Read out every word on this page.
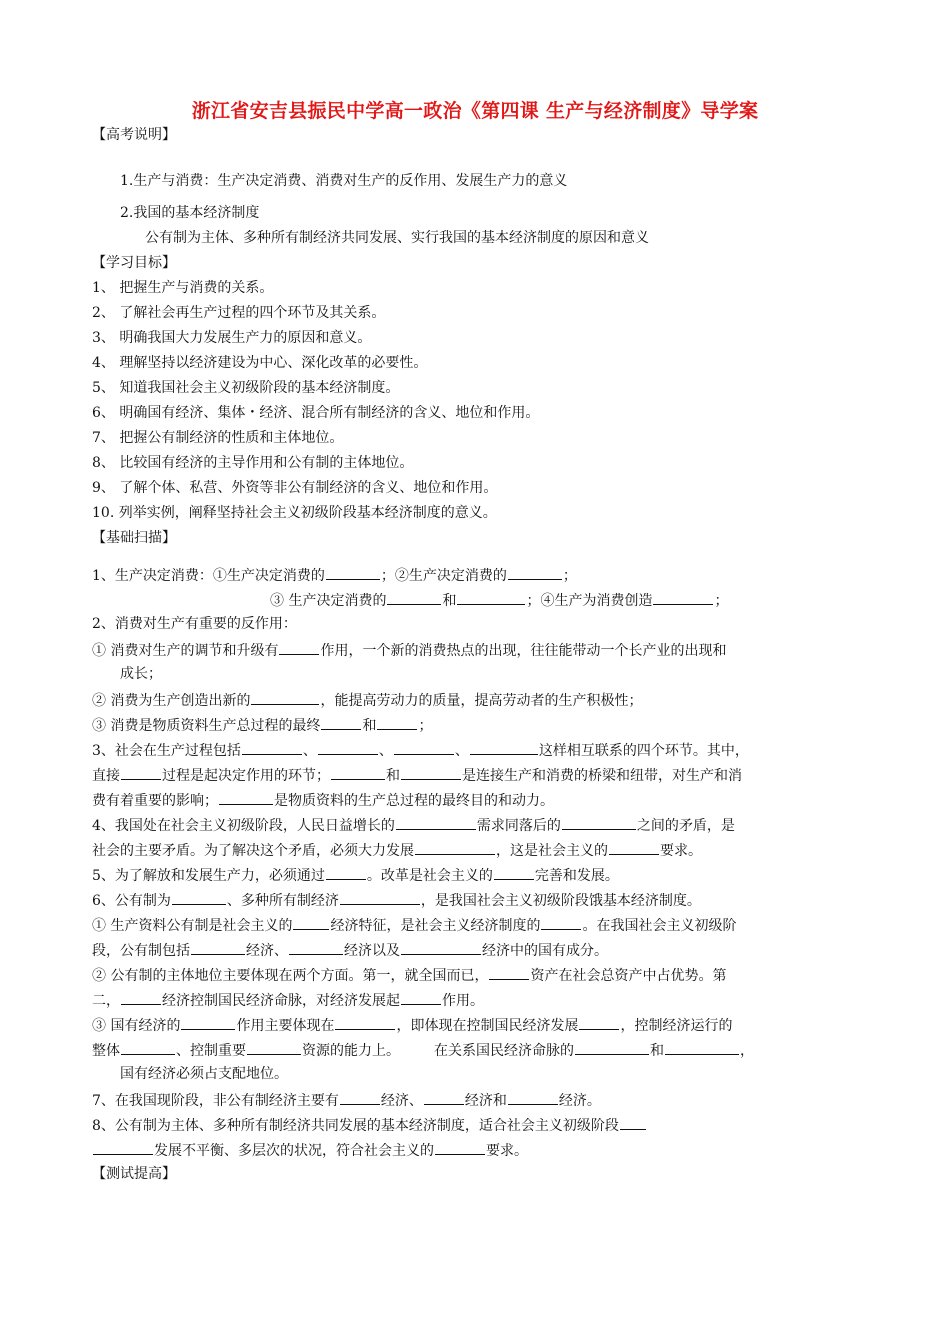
浙江省安吉县振民中学高一政治《第四课 生产与经济制度》导学案
【高考说明】
1.生产与消费：生产决定消费、消费对生产的反作用、发展生产力的意义
2.我国的基本经济制度
公有制为主体、多种所有制经济共同发展、实行我国的基本经济制度的原因和意义
【学习目标】
1、 把握生产与消费的关系。
2、 了解社会再生产过程的四个环节及其关系。
3、 明确我国大力发展生产力的原因和意义。
4、 理解坚持以经济建设为中心、深化改革的必要性。
5、 知道我国社会主义初级阶段的基本经济制度。
6、 明确国有经济、集体・经济、混合所有制经济的含义、地位和作用。
7、 把握公有制经济的性质和主体地位。
8、 比较国有经济的主导作用和公有制的主体地位。
9、 了解个体、私营、外资等非公有制经济的含义、地位和作用。
10. 列举实例，阐释坚持社会主义初级阶段基本经济制度的意义。
【基础扫描】
1、生产决定消费：①生产决定消费的	；②生产决定消费的	；
③ 生产决定消费的	和	；④生产为消费创造	；
2、消费对生产有重要的反作用：
① 消费对生产的调节和升级有	作用，一个新的消费热点的出现，往往能带动一个长产业的出现和
成长；
② 消费为生产创造出新的	，能提高劳动力的质量，提高劳动者的生产积极性；
③ 消费是物质资料生产总过程的最终	和	；
3、社会在生产过程包括	、	、	、	这样相互联系的四个环节。其中，
直接	过程是起决定作用的环节；	和	是连接生产和消费的桥梁和纽带，对生产和消
费有着重要的影响；	是物质资料的生产总过程的最终目的和动力。
4、我国处在社会主义初级阶段，人民日益增长的	需求同落后的	之间的矛盾，是
社会的主要矛盾。为了解决这个矛盾，必须大力发展	，这是社会主义的	要求。
5、为了解放和发展生产力，必须通过	。改革是社会主义的	完善和发展。
6、公有制为	、多种所有制经济	，是我国社会主义初级阶段饿基本经济制度。
① 生产资料公有制是社会主义的	经济特征，是社会主义经济制度的	。在我国社会主义初级阶
段，公有制包括	经济、	经济以及	经济中的国有成分。
② 公有制的主体地位主要体现在两个方面。第一，就全国而已，	资产在社会总资产中占优势。第
二，	经济控制国民经济命脉，对经济发展起	作用。
③ 国有经济的	作用主要体现在	，即体现在控制国民经济发展	，控制经济运行的
整体	、控制重要	资源的能力上。 在关系国民经济命脉的	和	，
国有经济必须占支配地位。
7、在我国现阶段，非公有制经济主要有	经济、	经济和	经济。
8、公有制为主体、多种所有制经济共同发展的基本经济制度，适合社会主义初级阶段
发展不平衡、多层次的状况，符合社会主义的	要求。
【测试提高】
